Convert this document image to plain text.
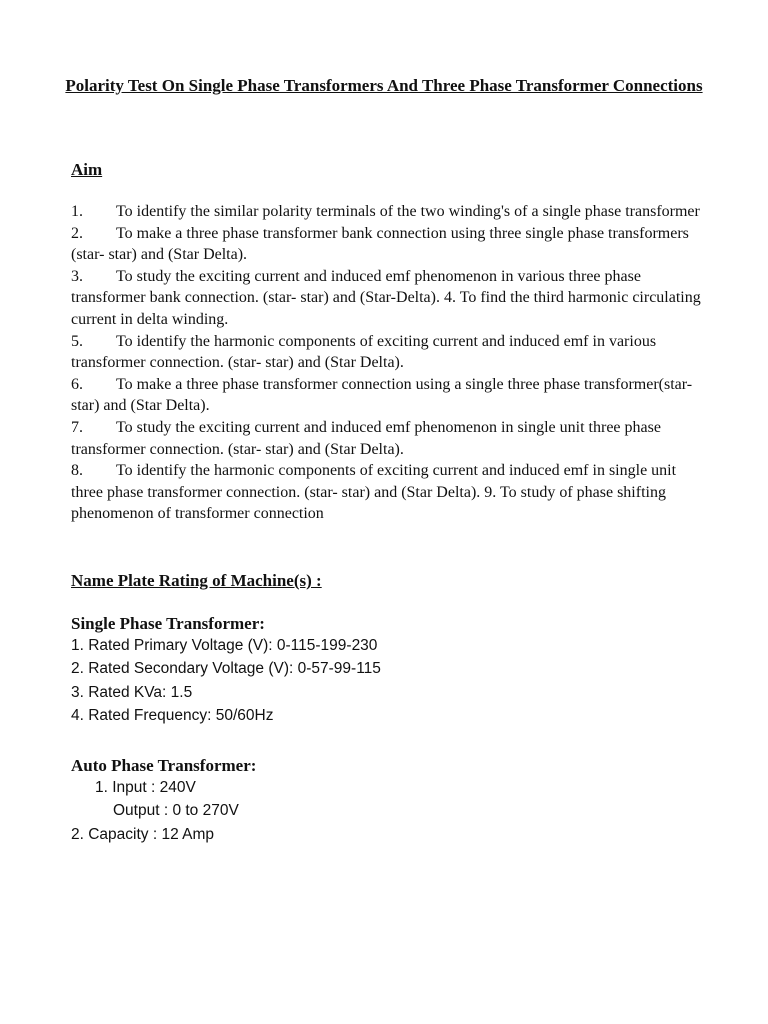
Polarity Test On Single Phase Transformers And Three Phase Transformer Connections
Aim
1. To identify the similar polarity terminals of the two winding's of a single phase transformer
2. To make a three phase transformer bank connection using three single phase transformers (star- star) and (Star Delta).
3. To study the exciting current and induced emf phenomenon in various three phase transformer bank connection. (star- star) and (Star-Delta). 4. To find the third harmonic circulating current in delta winding.
5. To identify the harmonic components of exciting current and induced emf in various transformer connection. (star- star) and (Star Delta).
6. To make a three phase transformer connection using a single three phase transformer(star- star) and (Star Delta).
7. To study the exciting current and induced emf phenomenon in single unit three phase transformer connection. (star- star) and (Star Delta).
8. To identify the harmonic components of exciting current and induced emf in single unit three phase transformer connection. (star- star) and (Star Delta). 9. To study of phase shifting phenomenon of transformer connection
Name Plate Rating of Machine(s) :
Single Phase Transformer:
1. Rated Primary Voltage (V): 0-115-199-230
2. Rated Secondary Voltage (V): 0-57-99-115
3. Rated KVa: 1.5
4. Rated Frequency: 50/60Hz
Auto Phase Transformer:
1. Input : 240V
Output : 0 to 270V
2. Capacity : 12 Amp
